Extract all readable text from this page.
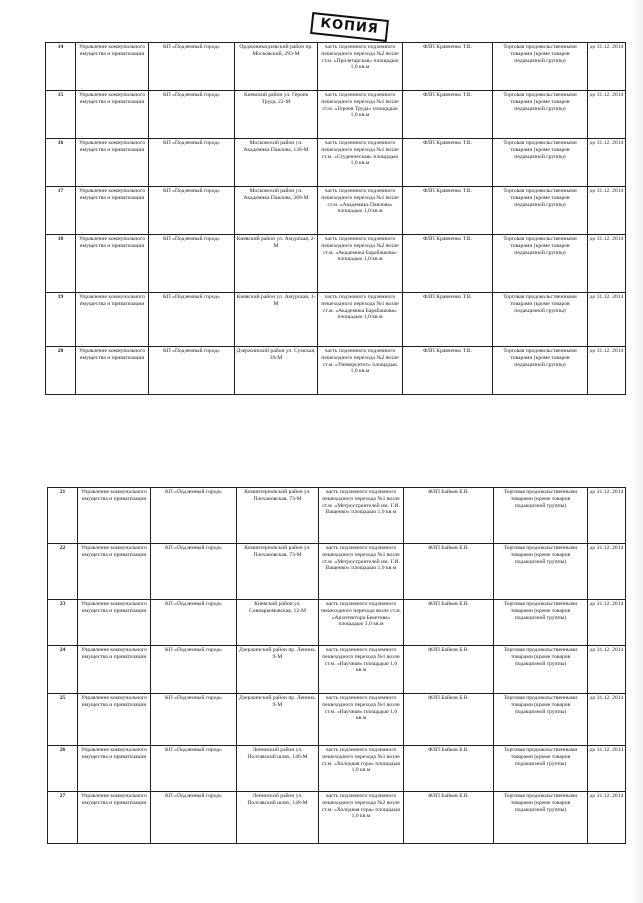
КОПИЯ
14	Управление коммунального имущества и приватизации	КП «Подземный город»	Орджоникидзевский район пр. Московский, 293-М	часть подземного подземного пешеходного перехода №2 возле ст.м. «Пролетарская» площадью 1,0 кв.м	ФЛП Кравченко Т.В.	Торговая продовольственными товарами (кроме товаров подакцизной группы)	до 31.12. 2014
15	Управление коммунального имущества и приватизации	КП «Подземный город»	Киевский район ул. Героев Труда, 22-М	часть подземного подземного пешеходного перехода №1 возле ст.м. «Героев Труда» площадью 1,0 кв.м	ФЛП Кравченко Т.В.	Торговая продовольственными товарами (кроме товаров подакцизной группы)	до 31.12. 2014
16	Управление коммунального имущества и приватизации	КП «Подземный город»	Московский район ул. Академика Павлова, 136-М	часть подземного подземного пешеходного перехода №1 возле ст.м. «Студенческая» площадью 1,0 кв.м	ФЛП Кравченко Т.В.	Торговая продовольственными товарами (кроме товаров подакцизной группы)	до 31.12. 2014
17	Управление коммунального имущества и приватизации	КП «Подземный город»	Московский район ул. Академика Павлова, 269-М	часть подземного подземного пешеходного перехода №1 возле ст.м. «Академика Павлова» площадью 1,0 кв.м	ФЛП Кравченко Т.В.	Торговая продовольственными товарами (кроме товаров подакцизной группы)	до 31.12. 2014
18	Управление коммунального имущества и приватизации	КП «Подземный город»	Киевский район ул. Амурская, 2-М	часть подземного подземного пешеходного перехода №2 возле ст.м. «Академика Барабашова» площадью 1,0 кв.м	ФЛП Кравченко Т.В.	Торговая продовольственными товарами (кроме товаров подакцизной группы)	до 31.12. 2014
19	Управление коммунального имущества и приватизации	КП «Подземный город»	Киевский район ул. Амурская, 1-М	часть подземного подземного пешеходного перехода №1 возле ст.м. «Академика Барабашова» площадью 1,0 кв.м	ФЛП Кравченко Т.В.	Торговая продовольственными товарами (кроме товаров подакцизной группы)	до 31.12. 2014
20	Управление коммунального имущества и приватизации	КП «Подземный город»	Дзержинский район ул. Сумская, 39-М	часть подземного подземного пешеходного перехода №2 возле ст.м. «Университет» площадью 1,0 кв.м	ФЛП Кравченко Т.В.	Торговая продовольственными товарами (кроме товаров подакцизной группы)	до 31.12. 2014
21	Управление коммунального имущества и приватизации	КП «Подземный город»	Коминтерновский район ул. Плехановская, 73-М	часть подземного подземного пешеходного перехода №1 возле ст.м. «Метростроителей им. Г.И. Ващенко» площадью 1,0 кв.м	ФЛП Байков Б.В.	Торговая продовольственными товарами (кроме товаров подакцизной группы)	до 31.12. 2014
22	Управление коммунального имущества и приватизации	КП «Подземный город»	Коминтерновский район ул. Плехановская, 73-М	часть подземного подземного пешеходного перехода №1 возле ст.м. «Метростроителей им. Г.И. Ващенко» площадью 1,0 кв.м	ФЛП Байков Б.В.	Торговая продовольственными товарами (кроме товаров подакцизной группы)	до 31.12. 2014
23	Управление коммунального имущества и приватизации	КП «Подземный город»	Киевский район ул. Совнаркомовская, 12-М	часть подземного подземного пешеходного перехода возле ст.м. «Архитектора Бекетова» площадью 1,0 кв.м	ФЛП Байков Б.В.	Торговая продовольственными товарами (кроме товаров подакцизной группы)	до 31.12. 2014
24	Управление коммунального имущества и приватизации	КП «Подземный город»	Дзержинский район пр. Ленина, 9-М	часть подземного подземного пешеходного перехода №1 возле ст.м. «Научная» площадью 1,0 кв.м	ФЛП Байков Б.В.	Торговая продовольственными товарами (кроме товаров подакцизной группы)	до 31.12. 2014
25	Управление коммунального имущества и приватизации	КП «Подземный город»	Дзержинский район пр. Ленина, 9-М	часть подземного подземного пешеходного перехода №1 возле ст.м. «Научная» площадью 1,0 кв.м	ФЛП Байков Б.В.	Торговая продовольственными товарами (кроме товаров подакцизной группы)	до 31.12. 2014
26	Управление коммунального имущества и приватизации	КП «Подземный город»	Ленинский район ул. Полтавский шлях, 146-М	часть подземного подземного пешеходного перехода №1 возле ст.м. «Холодная гора» площадью 1,0 кв.м	ФЛП Байков Б.В.	Торговая продовольственными товарами (кроме товаров подакцизной группы)	до 31.12. 2014
27	Управление коммунального имущества и приватизации	КП «Подземный город»	Ленинский район ул. Полтавский шлях, 148-М	часть подземного подземного пешеходного перехода №2 возле ст.м. «Холодная гора» площадью 1,0 кв.м	ФЛП Байков Б.В.	Торговая продовольственными товарами (кроме товаров подакцизной группы)	до 31.12. 2014
